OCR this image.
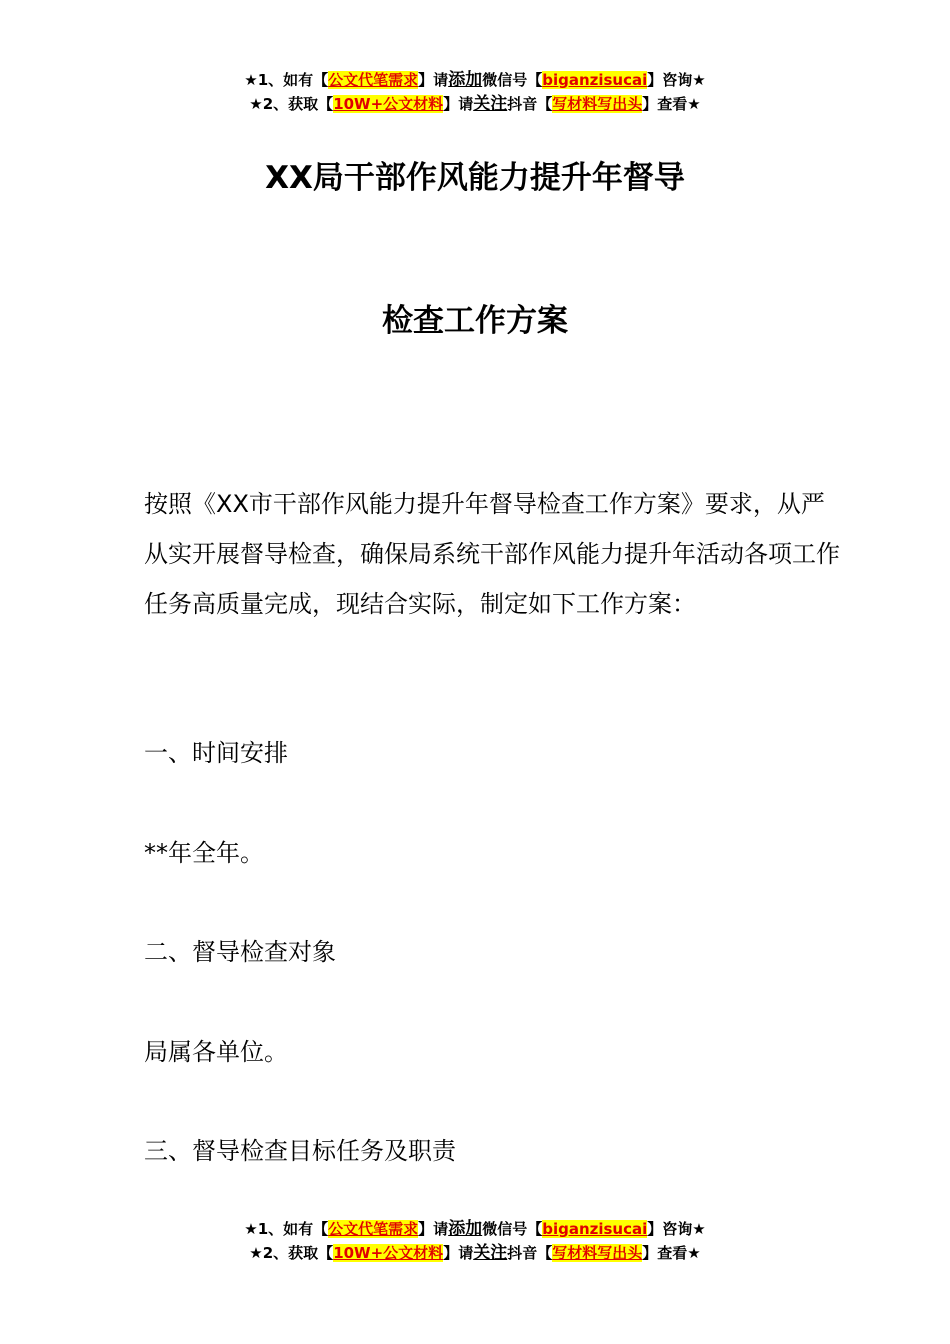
★1、如有【公文代笔需求】请添加微信号【biganzisucai】咨询★
★2、获取【10W+公文材料】请关注抖音【写材料写出头】查看★
XX局干部作风能力提升年督导
检查工作方案
按照《XX市干部作风能力提升年督导检查工作方案》要求，从严从实开展督导检查，确保局系统干部作风能力提升年活动各项工作任务高质量完成，现结合实际，制定如下工作方案：
一、时间安排
**年全年。
二、督导检查对象
局属各单位。
三、督导检查目标任务及职责
★1、如有【公文代笔需求】请添加微信号【biganzisucai】咨询★
★2、获取【10W+公文材料】请关注抖音【写材料写出头】查看★
